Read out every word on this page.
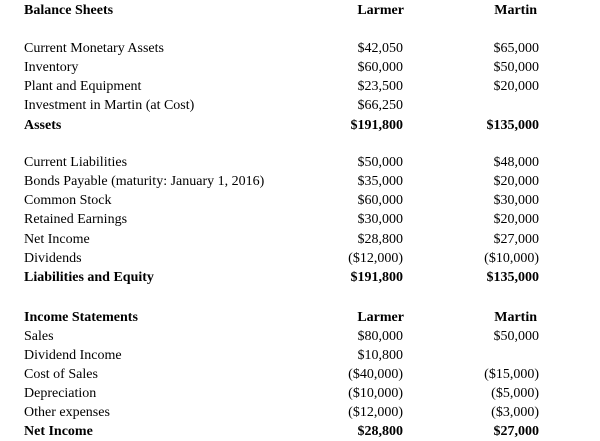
Balance Sheets	Larmer	Martin
Current Monetary Assets	$42,050	$65,000
Inventory	$60,000	$50,000
Plant and Equipment	$23,500	$20,000
Investment in Martin (at Cost)	$66,250
Assets	$191,800	$135,000
Current Liabilities	$50,000	$48,000
Bonds Payable (maturity: January 1, 2016)	$35,000	$20,000
Common Stock	$60,000	$30,000
Retained Earnings	$30,000	$20,000
Net Income	$28,800	$27,000
Dividends	($12,000)	($10,000)
Liabilities and Equity	$191,800	$135,000
Income Statements	Larmer	Martin
Sales	$80,000	$50,000
Dividend Income	$10,800
Cost of Sales	($40,000)	($15,000)
Depreciation	($10,000)	($5,000)
Other expenses	($12,000)	($3,000)
Net Income	$28,800	$27,000
